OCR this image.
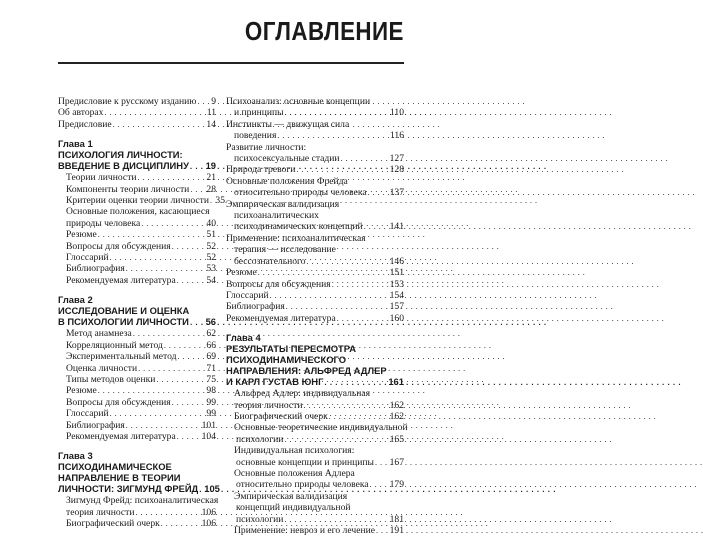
ОГЛАВЛЕНИЕ
Предисловие к русскому изданию . . .	9
Об авторах . . .	11
Предисловие . . .	14
Глава 1
ПСИХОЛОГИЯ ЛИЧНОСТИ:
ВВЕДЕНИЕ В ДИСЦИПЛИНУ . . . 19
Теории личности . . .	21
Компоненты теории личности . . . 28
Критерии оценки теории личности . . . 35
Основные положения, касающиеся
природы человека . . .	40
Резюме . . .	51
Вопросы для обсуждения . . .	52
Глоссарий . . .	52
Библиография . . .	53
Рекомендуемая литература . . .	54
Глава 2
ИССЛЕДОВАНИЕ И ОЦЕНКА
В ПСИХОЛОГИИ ЛИЧНОСТИ . . . 56
Метод анамнеза . . .	62
Корреляционный метод . . .	66
Экспериментальный метод . . .	69
Оценка личности . . .	71
Типы методов оценки . . .	75
Резюме . . .	98
Вопросы для обсуждения . . .	99
Глоссарий . . .	99
Библиография . . .	101
Рекомендуемая литература . . .	104
Глава 3
ПСИХОДИНАМИЧЕСКОЕ
НАПРАВЛЕНИЕ В ТЕОРИИ
ЛИЧНОСТИ: ЗИГМУНД ФРЕЙД . . . 105
Зигмунд Фрейд: психоаналитическая
теория личности . . .	106
Биографический очерк . . .	106
Психоанализ: основные концепции
и принципы . . .	110
Инстинкты — движущая сила
поведения . . .	116
Развитие личности:
психосексуальные стадии . . .	127
Природа тревоги . . .	128
Основные положения Фрейда
относительно природы человека . . . 137
Эмпирическая валидизация
психоаналитических
психодинамических концепций . . .	141
Применение: психоаналитическая
терапия — исследование
бессознательного . . .	146
Резюме . . .	151
Вопросы для обсуждения . . .	153
Глоссарий . . .	154
Библиография . . .	157
Рекомендуемая литература . . .	160
Глава 4
РЕЗУЛЬТАТЫ ПЕРЕСМОТРА
ПСИХОДИНАМИЧЕСКОГО
НАПРАВЛЕНИЯ: АЛЬФРЕД АДЛЕР
И КАРЛ ГУСТАВ ЮНГ . . .	161
Альфред Адлер: индивидуальная
теория личности . . .	162
Биографический очерк . . .	162
Основные теоретические индивидуальной
психологии . . .	165
Индивидуальная психология:
основные концепции и принципы . . . 167
Основные положения Адлера
относительно природы человека . . . 179
Эмпирическая валидизация
концепций индивидуальной
психологии . . .	181
Применение: невроз и его лечение . . . 191
